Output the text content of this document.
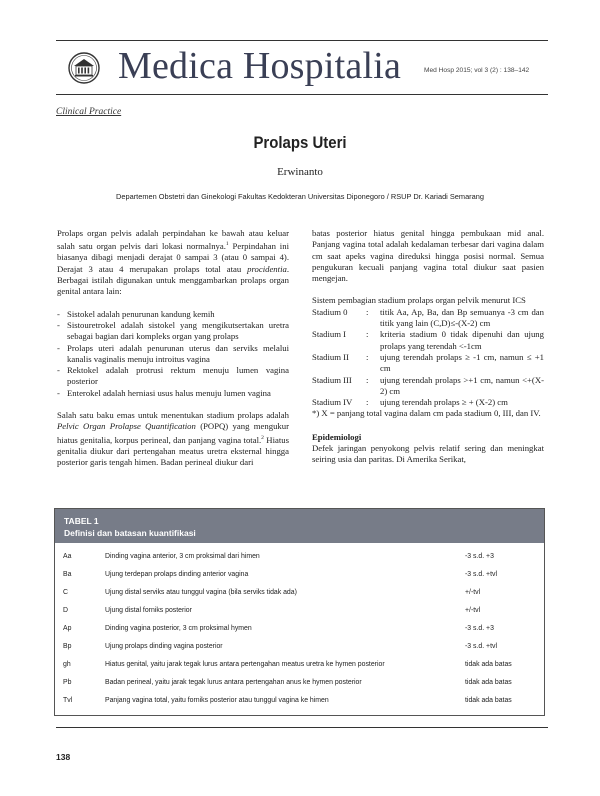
Medica Hospitalia	Med Hosp 2015; vol 3 (2) : 138–142
Clinical Practice
Prolaps Uteri
Erwinanto
Departemen Obstetri dan Ginekologi Fakultas Kedokteran Universitas Diponegoro / RSUP Dr. Kariadi Semarang

Prolaps organ pelvis adalah perpindahan ke bawah atau keluar salah satu organ pelvis dari lokasi normalnya.$^1$ Perpindahan ini biasanya dibagi menjadi derajat 0 sampai 3 (atau 0 sampai 4). Derajat 3 atau 4 merupakan prolaps total atau procidentia. Berbagai istilah digunakan untuk menggambarkan prolaps organ genital antara lain:

- Sistokel adalah penurunan kandung kemih
- Sistouretrokel adalah sistokel yang mengikutsertakan uretra sebagai bagian dari kompleks organ yang prolaps
- Prolaps uteri adalah penurunan uterus dan serviks melalui kanalis vaginalis menuju introitus vagina
- Rektokel adalah protrusi rektum menuju lumen vagina posterior
- Enterokel adalah herniasi usus halus menuju lumen vagina

Salah satu baku emas untuk menentukan stadium prolaps adalah Pelvic Organ Prolapse Quantification (POPQ) yang mengukur hiatus genitalia, korpus perineal, dan panjang vagina total.$^2$ Hiatus genitalia diukur dari pertengahan meatus uretra eksternal hingga posterior garis tengah himen. Badan perineal diukur dari

batas posterior hiatus genital hingga pembukaan mid anal. Panjang vagina total adalah kedalaman terbesar dari vagina dalam cm saat apeks vagina direduksi hingga posisi normal. Semua pengukuran kecuali panjang vagina total diukur saat pasien mengejan.

Sistem pembagian stadium prolaps organ pelvik menurut ICS
Stadium 0	:	titik Aa, Ap, Ba, dan Bp semuanya -3 cm dan titik yang lain (C,D)≤-(X-2) cm
Stadium I	:	kriteria stadium 0 tidak dipenuhi dan ujung prolaps yang terendah <-1cm
Stadium II	:	ujung terendah prolaps ≥ -1 cm, namun ≤ +1 cm
Stadium III	:	ujung terendah prolaps >+1 cm, namun <+(X-2) cm
Stadium IV	:	ujung terendah prolaps ≥ + (X-2) cm
*) X = panjang total vagina dalam cm pada stadium 0, III, dan IV.
Epidemiologi

Defek jaringan penyokong pelvis relatif sering dan meningkat seiring usia dan paritas. Di Amerika Serikat,

TABEL 1
Definisi dan batasan kuantifikasi
Aa	Dinding vagina anterior, 3 cm proksimal dari himen	-3 s.d. +3
Ba	Ujung terdepan prolaps dinding anterior vagina	-3 s.d. +tvl
C	Ujung distal serviks atau tunggul vagina (bila serviks tidak ada)	+/-tvl
D	Ujung distal forniks posterior	+/-tvl
Ap	Dinding vagina posterior, 3 cm proksimal hymen	-3 s.d. +3
Bp	Ujung prolaps dinding vagina posterior	-3 s.d. +tvl
gh	Hiatus genital, yaitu jarak tegak lurus antara pertengahan meatus uretra ke hymen posterior	tidak ada batas
Pb	Badan perineal, yaitu jarak tegak lurus antara pertengahan anus ke hymen posterior	tidak ada batas
Tvl	Panjang vagina total, yaitu forniks posterior atau tunggul vagina ke himen	tidak ada batas
138
